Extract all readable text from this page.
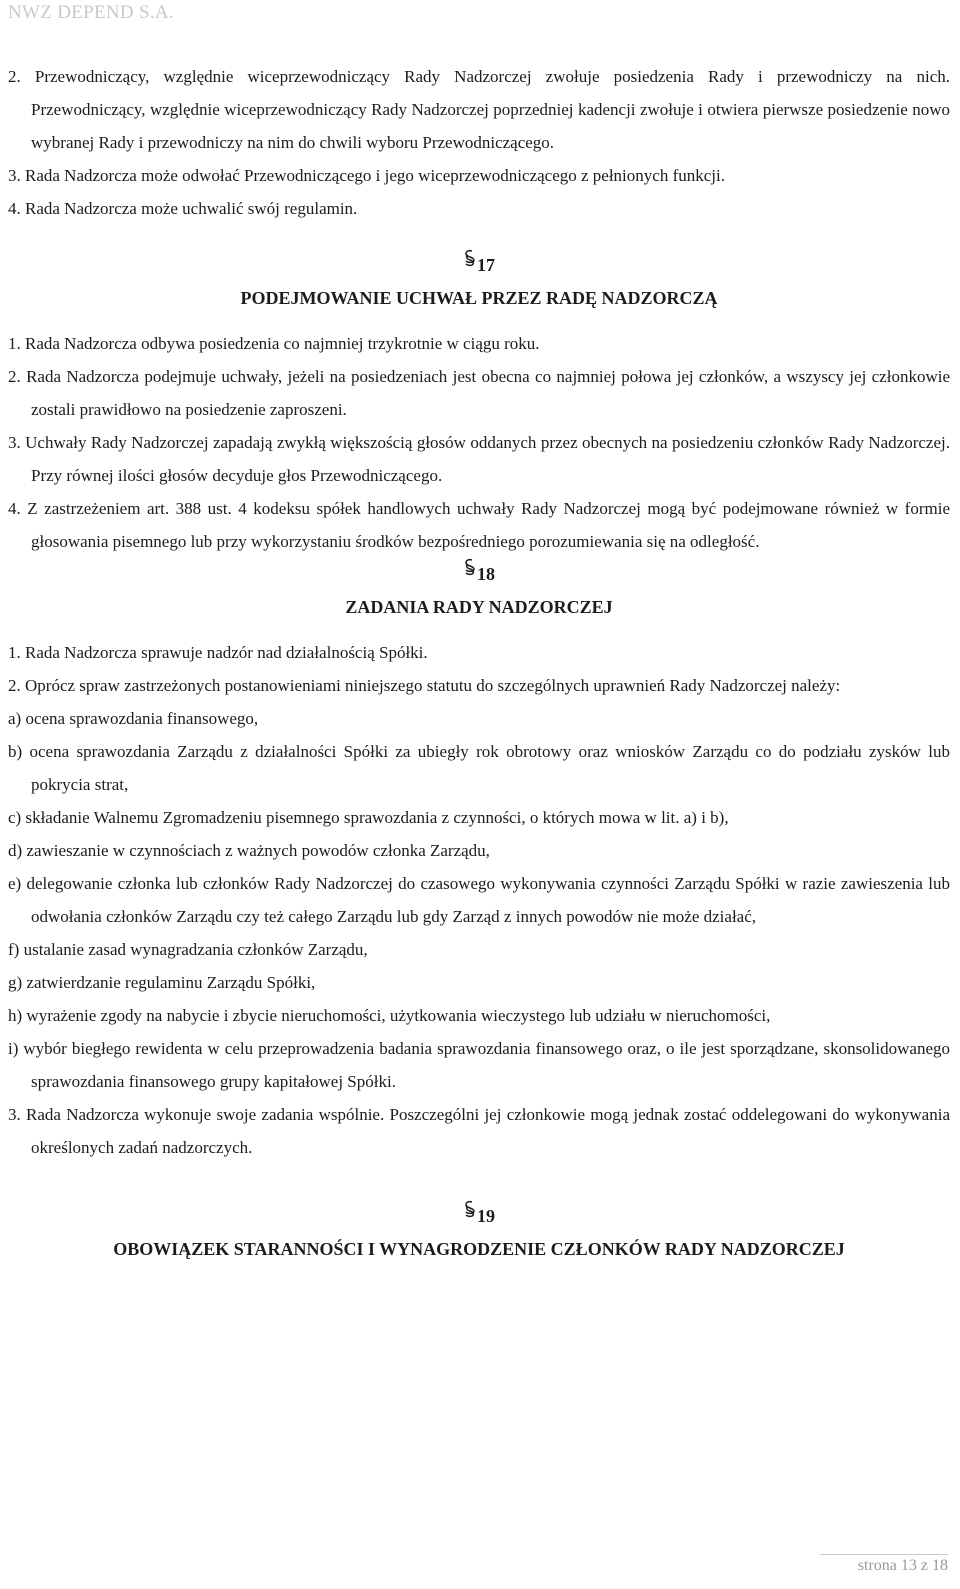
NWZ DEPEND S.A.
2. Przewodniczący, względnie wiceprzewodniczący Rady Nadzorczej zwołuje posiedzenia Rady i przewodniczy na nich. Przewodniczący, względnie wiceprzewodniczący Rady Nadzorczej poprzedniej kadencji zwołuje i otwiera pierwsze posiedzenie nowo wybranej Rady i przewodniczy na nim do chwili wyboru Przewodniczącego.
3. Rada Nadzorcza może odwołać Przewodniczącego i jego wiceprzewodniczącego z pełnionych funkcji.
4. Rada Nadzorcza może uchwalić swój regulamin.
17
PODEJMOWANIE UCHWAŁ PRZEZ RADĘ NADZORCZĄ
1. Rada Nadzorcza odbywa posiedzenia co najmniej trzykrotnie w ciągu roku.
2. Rada Nadzorcza podejmuje uchwały, jeżeli na posiedzeniach jest obecna co najmniej połowa jej członków, a wszyscy jej członkowie zostali prawidłowo na posiedzenie zaproszeni.
3. Uchwały Rady Nadzorczej zapadają zwykłą większością głosów oddanych przez obecnych na posiedzeniu członków Rady Nadzorczej. Przy równej ilości głosów decyduje głos Przewodniczącego.
4. Z zastrzeżeniem art. 388 ust. 4 kodeksu spółek handlowych uchwały Rady Nadzorczej mogą być podejmowane również w formie głosowania pisemnego lub przy wykorzystaniu środków bezpośredniego porozumiewania się na odległość.
18
ZADANIA RADY NADZORCZEJ
1. Rada Nadzorcza sprawuje nadzór nad działalnością Spółki.
2. Oprócz spraw zastrzeżonych postanowieniami niniejszego statutu do szczególnych uprawnień Rady Nadzorczej należy:
a) ocena sprawozdania finansowego,
b) ocena sprawozdania Zarządu z działalności Spółki za ubiegły rok obrotowy oraz wniosków Zarządu co do podziału zysków lub pokrycia strat,
c) składanie Walnemu Zgromadzeniu pisemnego sprawozdania z czynności, o których mowa w lit. a) i b),
d) zawieszanie w czynnościach z ważnych powodów członka Zarządu,
e) delegowanie członka lub członków Rady Nadzorczej do czasowego wykonywania czynności Zarządu Spółki w razie zawieszenia lub odwołania członków Zarządu czy też całego Zarządu lub gdy Zarząd z innych powodów nie może działać,
f) ustalanie zasad wynagradzania członków Zarządu,
g) zatwierdzanie regulaminu Zarządu Spółki,
h) wyrażenie zgody na nabycie i zbycie nieruchomości, użytkowania wieczystego lub udziału w nieruchomości,
i) wybór biegłego rewidenta w celu przeprowadzenia badania sprawozdania finansowego oraz, o ile jest sporządzane, skonsolidowanego sprawozdania finansowego grupy kapitałowej Spółki.
3. Rada Nadzorcza wykonuje swoje zadania wspólnie. Poszczególni jej członkowie mogą jednak zostać oddelegowani do wykonywania określonych zadań nadzorczych.
19
OBOWIĄZEK STARANNOŚCI I WYNAGRODZENIE CZŁONKÓW RADY NADZORCZEJ
strona 13 z 18
